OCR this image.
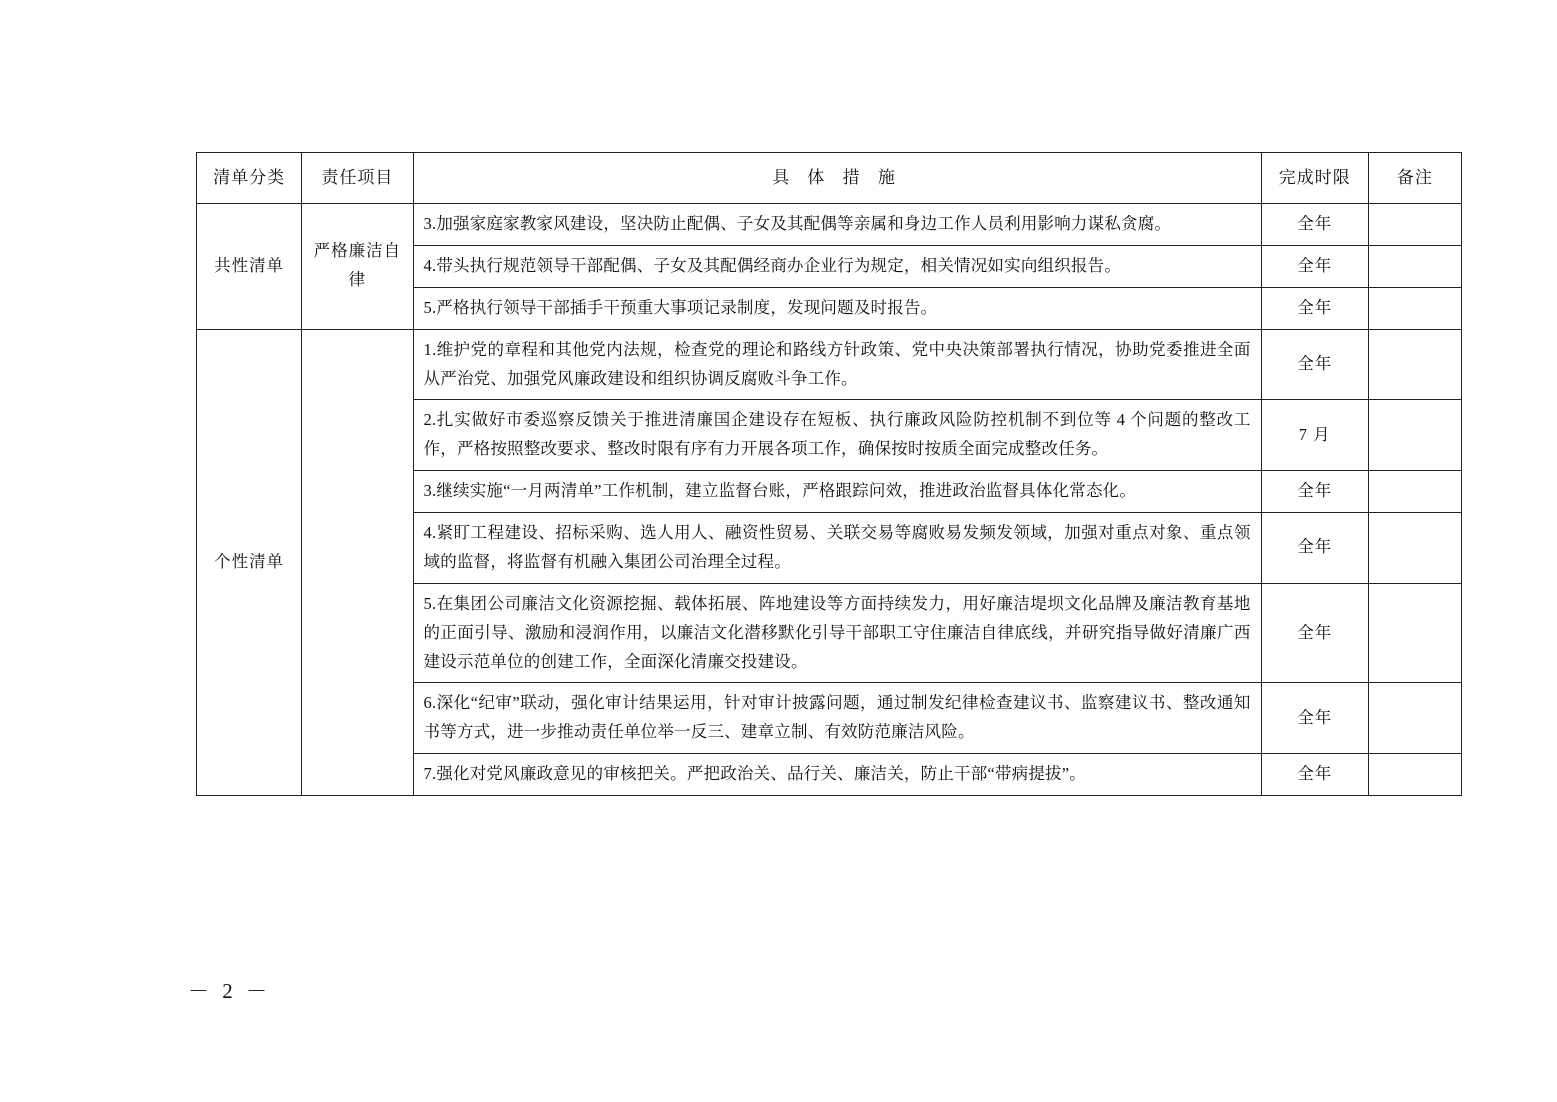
清单分类	责任项目	具 体 措 施	完成时限	备注
共性清单	严格廉洁自律	3.加强家庭家教家风建设，坚决防止配偶、子女及其配偶等亲属和身边工作人员利用影响力谋私贪腐。	全年	
		4.带头执行规范领导干部配偶、子女及其配偶经商办企业行为规定，相关情况如实向组织报告。	全年	
		5.严格执行领导干部插手干预重大事项记录制度，发现问题及时报告。	全年	
个性清单		1.维护党的章程和其他党内法规，检查党的理论和路线方针政策、党中央决策部署执行情况，协助党委推进全面从严治党、加强党风廉政建设和组织协调反腐败斗争工作。	全年	
		2.扎实做好市委巡察反馈关于推进清廉国企建设存在短板、执行廉政风险防控机制不到位等 4 个问题的整改工作，严格按照整改要求、整改时限有序有力开展各项工作，确保按时按质全面完成整改任务。	7 月	
		3.继续实施“一月两清单”工作机制，建立监督台账，严格跟踪问效，推进政治监督具体化常态化。	全年	
		4.紧盯工程建设、招标采购、选人用人、融资性贸易、关联交易等腐败易发频发领域，加强对重点对象、重点领域的监督，将监督有机融入集团公司治理全过程。	全年	
		5.在集团公司廉洁文化资源挖掘、载体拓展、阵地建设等方面持续发力，用好廉洁堤坝文化品牌及廉洁教育基地的正面引导、激励和浸润作用，以廉洁文化潜移默化引导干部职工守住廉洁自律底线，并研究指导做好清廉广西建设示范单位的创建工作，全面深化清廉交投建设。	全年	
		6.深化“纪审”联动，强化审计结果运用，针对审计披露问题，通过制发纪律检查建议书、监察建议书、整改通知书等方式，进一步推动责任单位举一反三、建章立制、有效防范廉洁风险。	全年	
		7.强化对党风廉政意见的审核把关。严把政治关、品行关、廉洁关，防止干部“带病提拔”。	全年	
－ 2 －
